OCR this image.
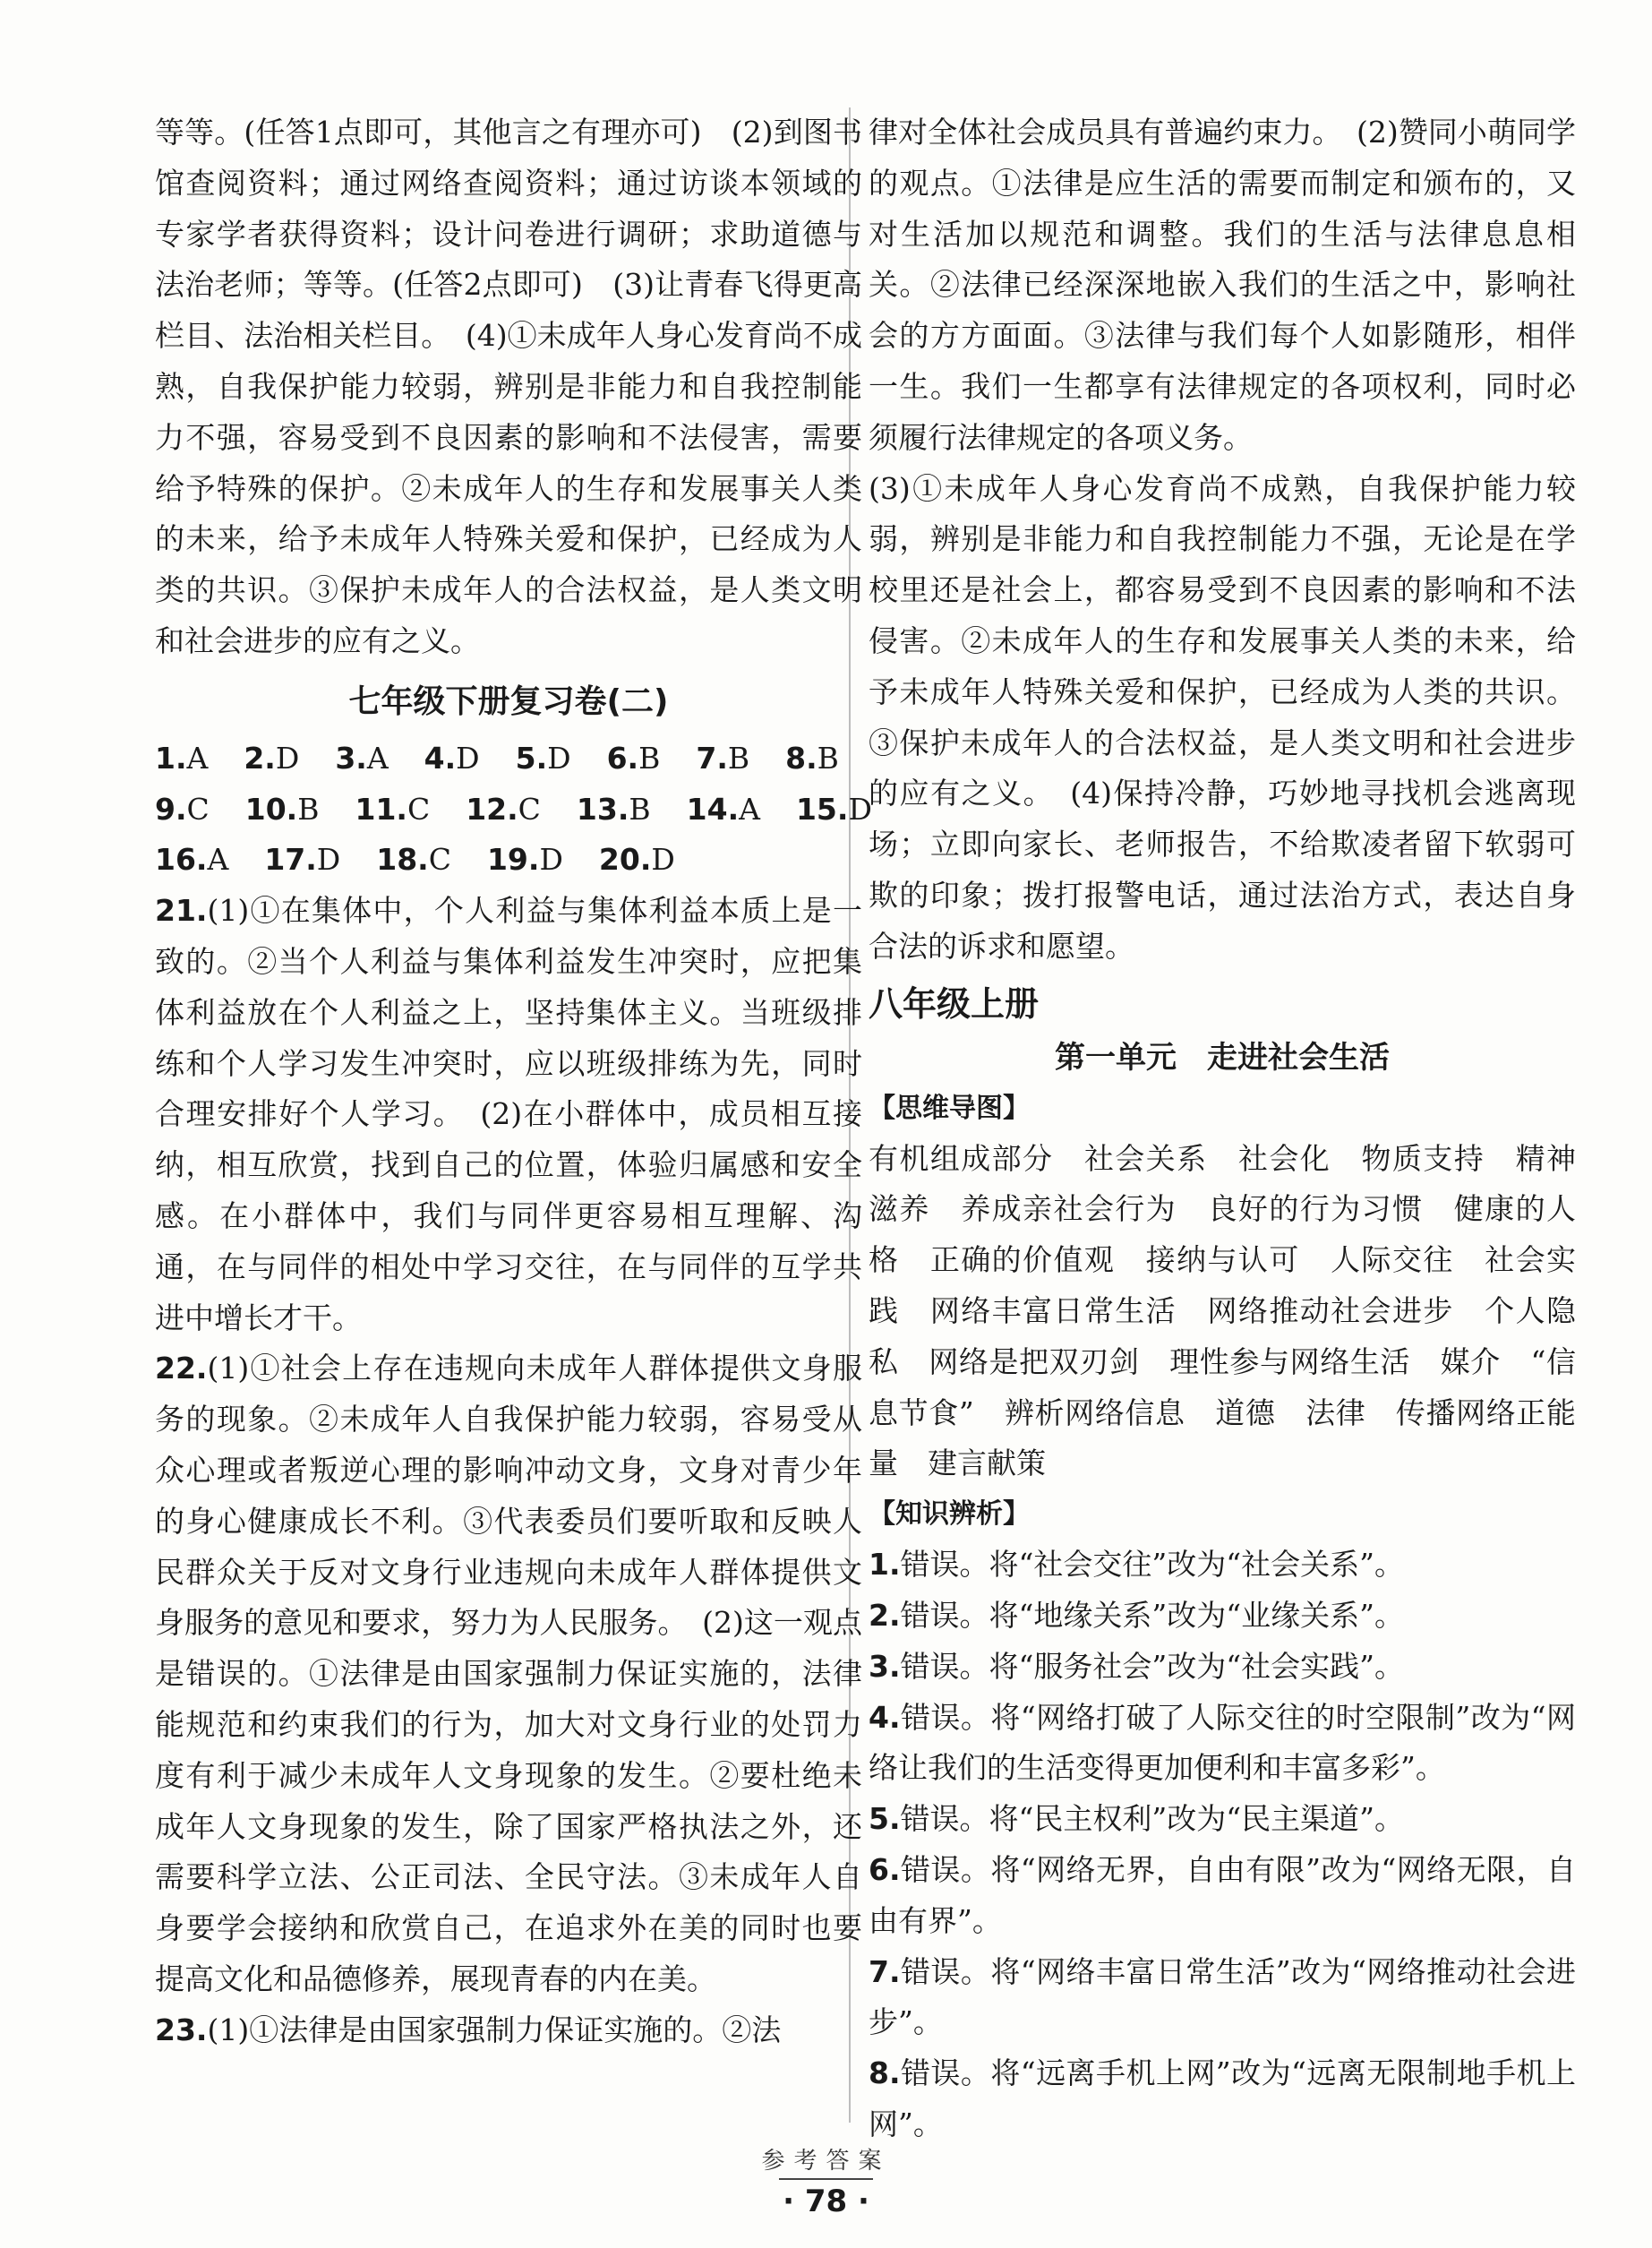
等等。(任答1点即可，其他言之有理亦可)　(2)到图书馆查阅资料；通过网络查阅资料；通过访谈本领域的专家学者获得资料；设计问卷进行调研；求助道德与法治老师；等等。(任答2点即可)　(3)让青春飞得更高栏目、法治相关栏目。　(4)①未成年人身心发育尚不成熟，自我保护能力较弱，辨别是非能力和自我控制能力不强，容易受到不良因素的影响和不法侵害，需要给予特殊的保护。②未成年人的生存和发展事关人类的未来，给予未成年人特殊关爱和保护，已经成为人类的共识。③保护未成年人的合法权益，是人类文明和社会进步的应有之义。

七年级下册复习卷(二)
1.A 2.D 3.A 4.D 5.D 6.B 7.B 8.B
9.C 10.B 11.C 12.C 13.B 14.A 15.D
16.A 17.D 18.C 19.D 20.D

21.(1)①在集体中，个人利益与集体利益本质上是一致的。②当个人利益与集体利益发生冲突时，应把集体利益放在个人利益之上，坚持集体主义。当班级排练和个人学习发生冲突时，应以班级排练为先，同时合理安排好个人学习。　(2)在小群体中，成员相互接纳，相互欣赏，找到自己的位置，体验归属感和安全感。在小群体中，我们与同伴更容易相互理解、沟通，在与同伴的相处中学习交往，在与同伴的互学共进中增长才干。

22.(1)①社会上存在违规向未成年人群体提供文身服务的现象。②未成年人自我保护能力较弱，容易受从众心理或者叛逆心理的影响冲动文身，文身对青少年的身心健康成长不利。③代表委员们要听取和反映人民群众关于反对文身行业违规向未成年人群体提供文身服务的意见和要求，努力为人民服务。　(2)这一观点是错误的。①法律是由国家强制力保证实施的，法律能规范和约束我们的行为，加大对文身行业的处罚力度有利于减少未成年人文身现象的发生。②要杜绝未成年人文身现象的发生，除了国家严格执法之外，还需要科学立法、公正司法、全民守法。③未成年人自身要学会接纳和欣赏自己，在追求外在美的同时也要提高文化和品德修养，展现青春的内在美。

23.(1)①法律是由国家强制力保证实施的。②法

律对全体社会成员具有普遍约束力。　(2)赞同小萌同学的观点。①法律是应生活的需要而制定和颁布的，又对生活加以规范和调整。我们的生活与法律息息相关。②法律已经深深地嵌入我们的生活之中，影响社会的方方面面。③法律与我们每个人如影随形，相伴一生。我们一生都享有法律规定的各项权利，同时必须履行法律规定的各项义务。

(3)①未成年人身心发育尚不成熟，自我保护能力较弱，辨别是非能力和自我控制能力不强，无论是在学校里还是社会上，都容易受到不良因素的影响和不法侵害。②未成年人的生存和发展事关人类的未来，给予未成年人特殊关爱和保护，已经成为人类的共识。③保护未成年人的合法权益，是人类文明和社会进步的应有之义。　(4)保持冷静，巧妙地寻找机会逃离现场；立即向家长、老师报告，不给欺凌者留下软弱可欺的印象；拨打报警电话，通过法治方式，表达自身合法的诉求和愿望。

八年级上册
第一单元　走进社会生活
【思维导图】

有机组成部分　社会关系　社会化　物质支持　精神滋养　养成亲社会行为　良好的行为习惯　健康的人格　正确的价值观　接纳与认可　人际交往　社会实践　网络丰富日常生活　网络推动社会进步　个人隐私　网络是把双刃剑　理性参与网络生活　媒介　“信息节食”　辨析网络信息　道德　法律　传播网络正能量　建言献策

【知识辨析】

1.错误。将“社会交往”改为“社会关系”。

2.错误。将“地缘关系”改为“业缘关系”。

3.错误。将“服务社会”改为“社会实践”。

4.错误。将“网络打破了人际交往的时空限制”改为“网络让我们的生活变得更加便利和丰富多彩”。

5.错误。将“民主权利”改为“民主渠道”。

6.错误。将“网络无界，自由有限”改为“网络无限，自由有界”。

7.错误。将“网络丰富日常生活”改为“网络推动社会进步”。

8.错误。将“远离手机上网”改为“远离无限制地手机上网”。

参考答案
· 78 ·
